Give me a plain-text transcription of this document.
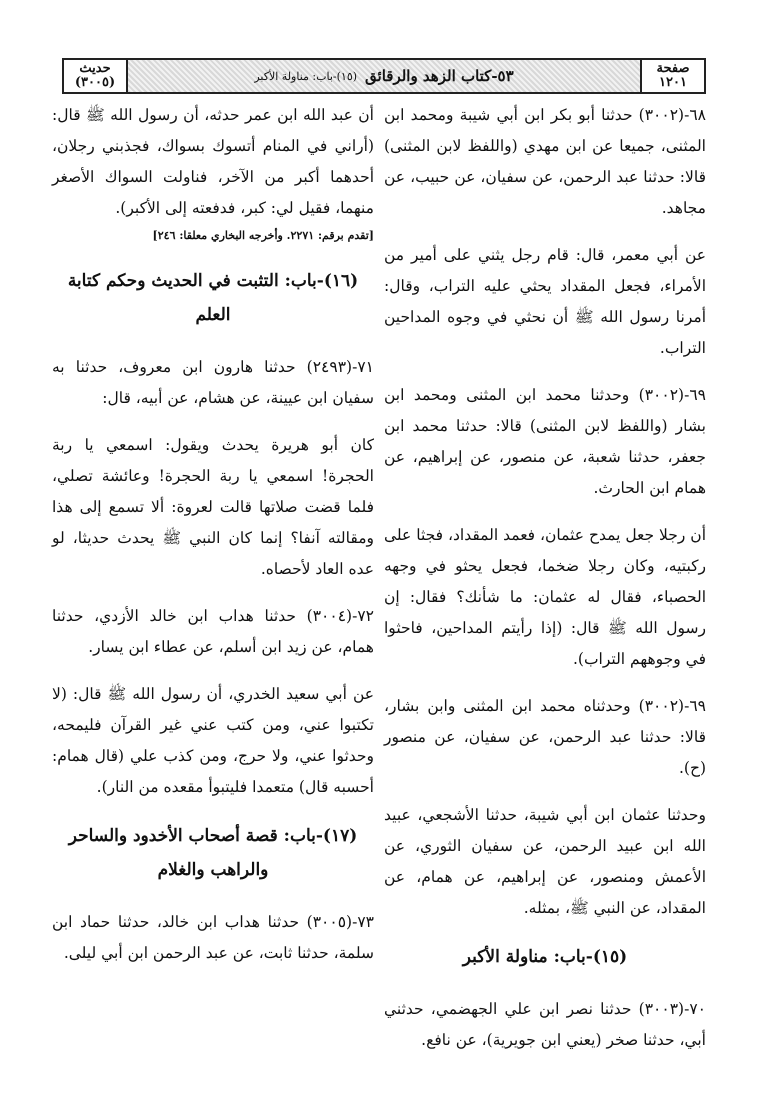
صفحة
١٢٠١
٥٣-كتاب الزهد والرقائق
(١٥)-باب: مناولة الأكبر
حديث
(٣٠٠٥)

٦٨-(٣٠٠٢) حدثنا أبو بكر ابن أبي شيبة ومحمد ابن المثنى، جميعا عن ابن مهدي (واللفظ لابن المثنى) قالا: حدثنا عبد الرحمن، عن سفيان، عن حبيب، عن مجاهد.

عن أبي معمر، قال: قام رجل يثني على أمير من الأمراء، فجعل المقداد يحثي عليه التراب، وقال: أمرنا رسول الله ﷺ أن نحثي في وجوه المداحين التراب.

٦٩-(٣٠٠٢) وحدثنا محمد ابن المثنى ومحمد ابن بشار (واللفظ لابن المثنى) قالا: حدثنا محمد ابن جعفر، حدثنا شعبة، عن منصور، عن إبراهيم، عن همام ابن الحارث.

أن رجلا جعل يمدح عثمان، فعمد المقداد، فجثا على ركبتيه، وكان رجلا ضخما، فجعل يحثو في وجهه الحصباء، فقال له عثمان: ما شأنك؟ فقال: إن رسول الله ﷺ قال: (إذا رأيتم المداحين، فاحثوا في وجوههم التراب).

٦٩-(٣٠٠٢) وحدثناه محمد ابن المثنى وابن بشار، قالا: حدثنا عبد الرحمن، عن سفيان، عن منصور (ح).

وحدثنا عثمان ابن أبي شيبة، حدثنا الأشجعي، عبيد الله ابن عبيد الرحمن، عن سفيان الثوري، عن الأعمش ومنصور، عن إبراهيم، عن همام، عن المقداد، عن النبي ﷺ، بمثله.

(١٥)-باب: مناولة الأكبر

٧٠-(٣٠٠٣) حدثنا نصر ابن علي الجهضمي، حدثني أبي، حدثنا صخر (يعني ابن جويرية)، عن نافع.

أن عبد الله ابن عمر حدثه، أن رسول الله ﷺ قال: (أراني في المنام أتسوك بسواك، فجذبني رجلان، أحدهما أكبر من الآخر، فناولت السواك الأصغر منهما، فقيل لي: كبر، فدفعته إلى الأكبر).

[تقدم برقم: ٢٢٧١. وأخرجه البخاري معلقا: ٢٤٦]

(١٦)-باب: التثبت في الحديث وحكم كتابة العلم

٧١-(٢٤٩٣) حدثنا هارون ابن معروف، حدثنا به سفيان ابن عيينة، عن هشام، عن أبيه، قال:

كان أبو هريرة يحدث ويقول: اسمعي يا ربة الحجرة! اسمعي يا ربة الحجرة! وعائشة تصلي، فلما قضت صلاتها قالت لعروة: ألا تسمع إلى هذا ومقالته آنفا؟ إنما كان النبي ﷺ يحدث حديثا، لو عده العاد لأحصاه.

٧٢-(٣٠٠٤) حدثنا هداب ابن خالد الأزدي، حدثنا همام، عن زيد ابن أسلم، عن عطاء ابن يسار.

عن أبي سعيد الخدري، أن رسول الله ﷺ قال: (لا تكتبوا عني، ومن كتب عني غير القرآن فليمحه، وحدثوا عني، ولا حرج، ومن كذب علي (قال همام: أحسبه قال) متعمدا فليتبوأ مقعده من النار).

(١٧)-باب: قصة أصحاب الأخدود والساحر والراهب والغلام

٧٣-(٣٠٠٥) حدثنا هداب ابن خالد، حدثنا حماد ابن سلمة، حدثنا ثابت، عن عبد الرحمن ابن أبي ليلى.
